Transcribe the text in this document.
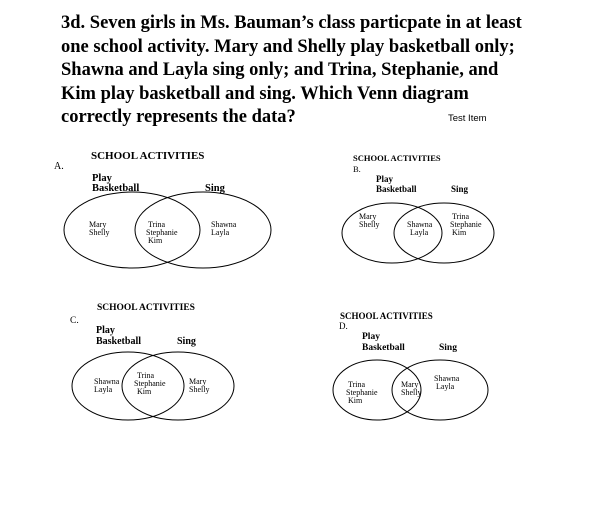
3d. Seven girls in Ms. Bauman’s class particpate in at least
one school activity. Mary and Shelly play basketball only;
Shawna and Layla sing only; and Trina, Stephanie, and
Kim play basketball and sing. Which Venn diagram
correctly represents the data?	Test Item
A.
SCHOOL ACTIVITIES
Play
Basketball	Sing
Mary
Shelly
Trina
Stephanie
Kim
Shawna
Layla
SCHOOL ACTIVITIES
B.
Play
Basketball	Sing
Mary
Shelly	Shawna
Layla
Trina
Stephanie
Kim
SCHOOL ACTIVITIES
C.
Play
Basketball	Sing
Shawna
Layla
Trina
Stephanie
Kim
Mary
Shelly
SCHOOL ACTIVITIES
D.
Play
Basketball	Sing
Trina
Stephanie
Kim
Mary
Shelly
Shawna
Layla
